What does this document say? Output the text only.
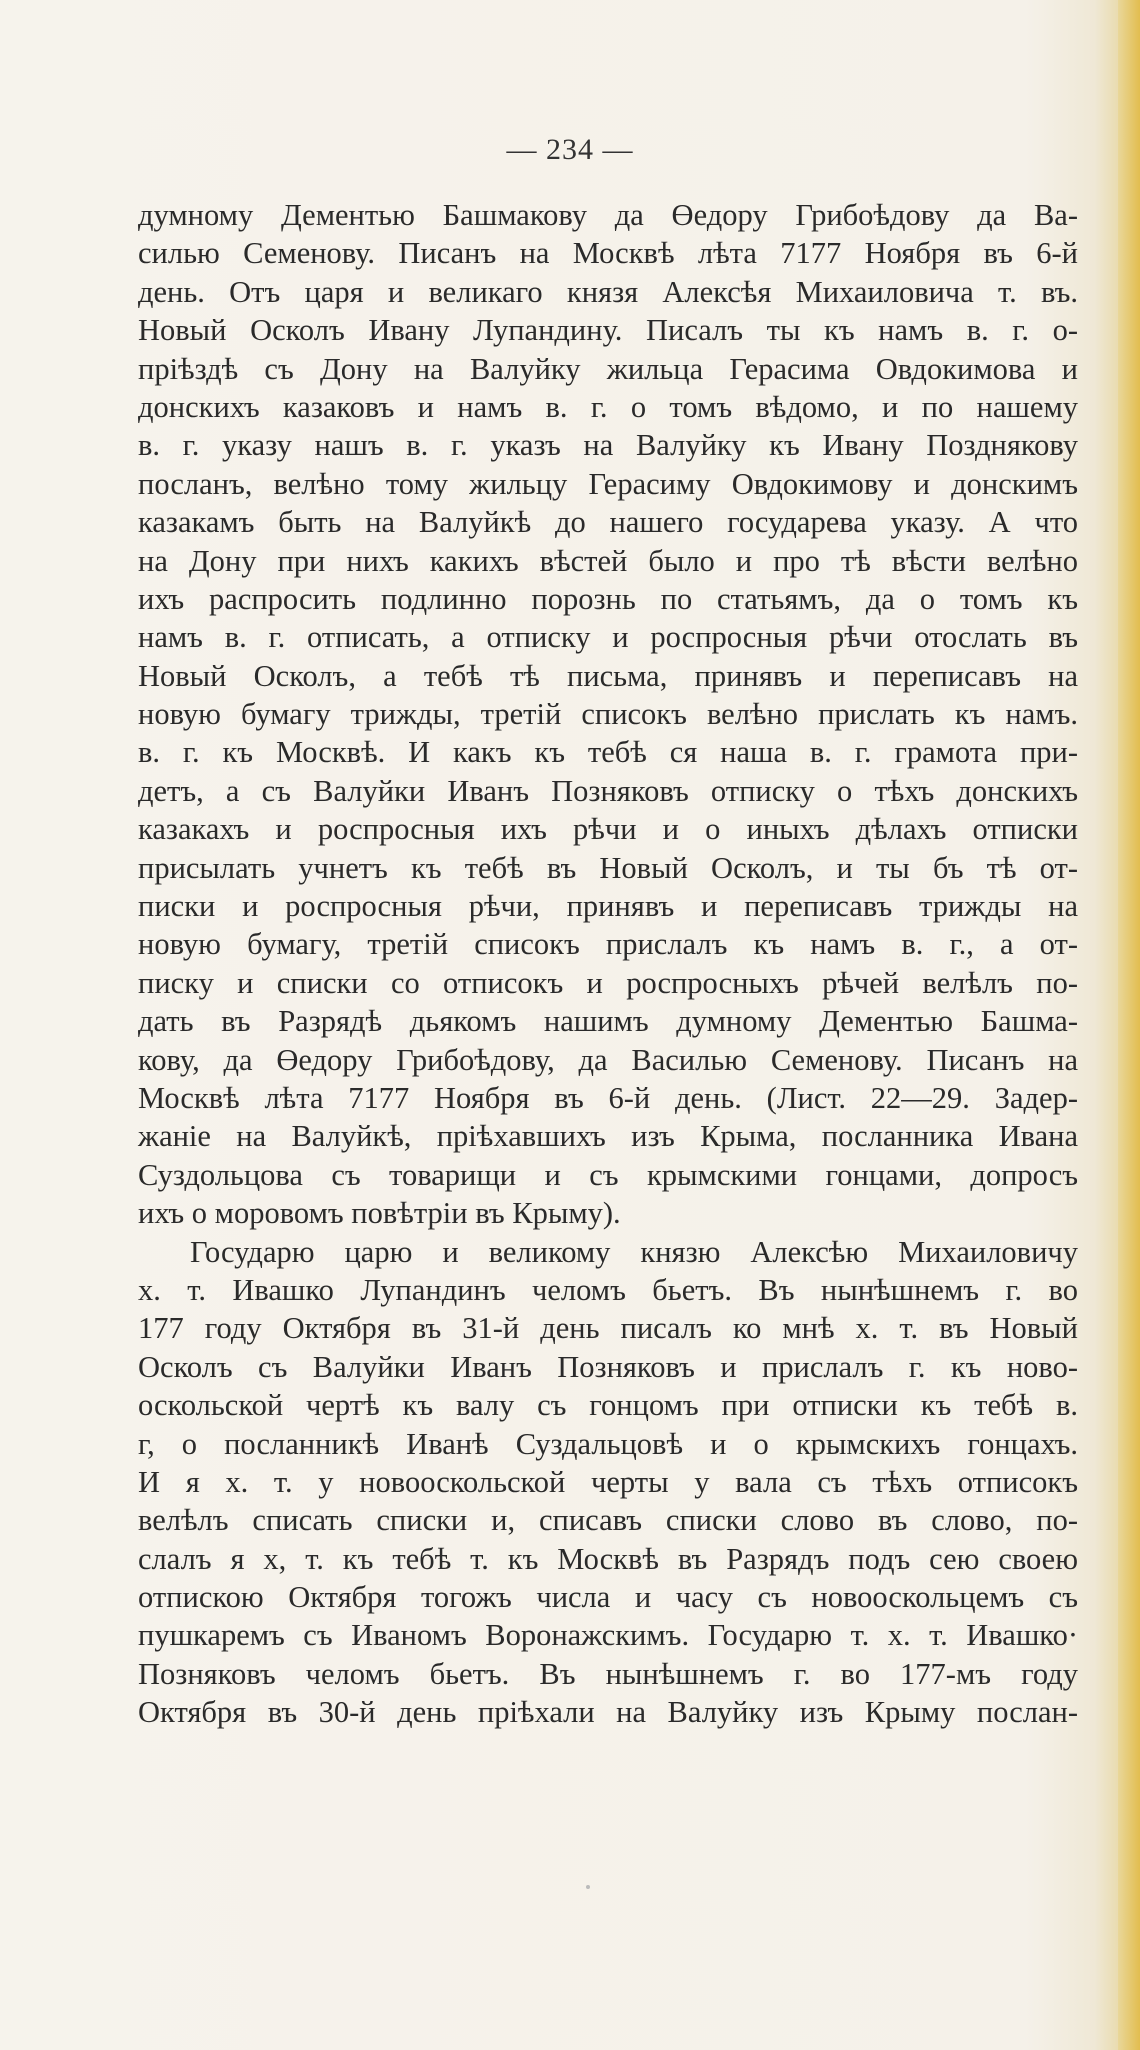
— 234 —
думному Дементью Башмакову да Өедору Грибоѣдову да Ва-
силью Семенову. Писанъ на Москвѣ лѣта 7177 Ноября въ 6-й
день. Отъ царя и великаго князя Алексѣя Михаиловича т. въ.
Новый Осколъ Ивану Лупандину. Писалъ ты къ намъ в. г. о-
пріѣздѣ съ Дону на Валуйку жильца Герасима Овдокимова и
донскихъ казаковъ и намъ в. г. о томъ вѣдомо, и по нашему
в. г. указу нашъ в. г. указъ на Валуйку къ Ивану Позднякову
посланъ, велѣно тому жильцу Герасиму Овдокимову и донскимъ
казакамъ быть на Валуйкѣ до нашего государева указу. А что
на Дону при нихъ какихъ вѣстей было и про тѣ вѣсти велѣно
ихъ распросить подлинно порознь по статьямъ, да о томъ къ
намъ в. г. отписать, а отписку и роспросныя рѣчи отослать въ
Новый Осколъ, а тебѣ тѣ письма, принявъ и переписавъ на
новую бумагу трижды, третій списокъ велѣно прислать къ намъ.
в. г. къ Москвѣ. И какъ къ тебѣ ся наша в. г. грамота при-
детъ, а съ Валуйки Иванъ Позняковъ отписку о тѣхъ донскихъ
казакахъ и роспросныя ихъ рѣчи и о иныхъ дѣлахъ отписки
присылать учнетъ къ тебѣ въ Новый Осколъ, и ты бъ тѣ от-
писки и роспросныя рѣчи, принявъ и переписавъ трижды на
новую бумагу, третій списокъ прислалъ къ намъ в. г., а от-
писку и списки со отписокъ и роспросныхъ рѣчей велѣлъ по-
дать въ Разрядѣ дьякомъ нашимъ думному Дементью Башма-
кову, да Өедору Грибоѣдову, да Василью Семенову. Писанъ на
Москвѣ лѣта 7177 Ноября въ 6-й день. (Лист. 22—29. Задер-
жаніе на Валуйкѣ, пріѣхавшихъ изъ Крыма, посланника Ивана
Суздольцова съ товарищи и съ крымскими гонцами, допросъ
ихъ о моровомъ повѣтріи въ Крыму).
Государю царю и великому князю Алексѣю Михаиловичу
х. т. Ивашко Лупандинъ челомъ бьетъ. Въ нынѣшнемъ г. во
177 году Октября въ 31-й день писалъ ко мнѣ х. т. въ Новый
Осколъ съ Валуйки Иванъ Позняковъ и прислалъ г. къ ново-
оскольской чертѣ къ валу съ гонцомъ при отписки къ тебѣ в.
г, о посланникѣ Иванѣ Суздальцовѣ и о крымскихъ гонцахъ.
И я х. т. у новооскольской черты у вала съ тѣхъ отписокъ
велѣлъ списать списки и, списавъ списки слово въ слово, по-
слалъ я х, т. къ тебѣ т. къ Москвѣ въ Разрядъ подъ сею своею
отпискою Октября тогожъ числа и часу съ новооскольцемъ съ
пушкаремъ съ Иваномъ Воронажскимъ. Государю т. х. т. Ивашко·
Позняковъ челомъ бьетъ. Въ нынѣшнемъ г. во 177-мъ году
Октября въ 30-й день пріѣхали на Валуйку изъ Крыму послан-
